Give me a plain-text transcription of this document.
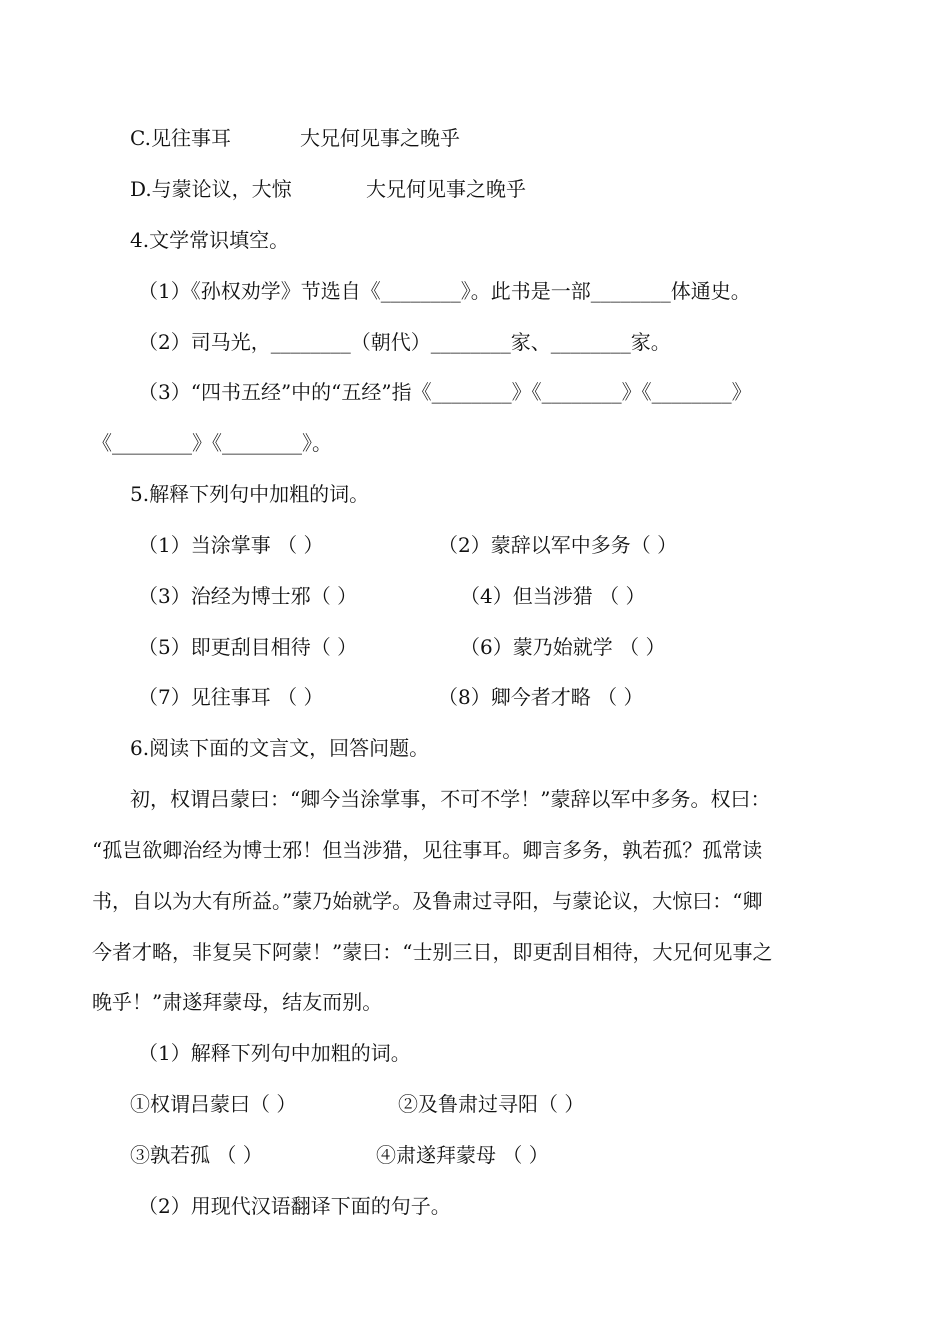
C.见往事耳	大兄何见事之晚乎
D.与蒙论议，大惊	大兄何见事之晚乎
4.文学常识填空。
（1）《孙权劝学》节选自《________》。此书是一部________体通史。
（2）司马光，________（朝代）________家、________家。
（3）“四书五经”中的“五经”指《________》《________》《________》
《________》《________》。
5.解释下列句中加粗的词。
（1）当涂掌事 （ ）	（2）蒙辞以军中多务（ ）
（3）治经为博士邪（ ）	（4）但当涉猎 （ ）
（5）即更刮目相待（ ）	（6）蒙乃始就学 （ ）
（7）见往事耳 （ ）	（8）卿今者才略 （ ）
6.阅读下面的文言文，回答问题。
初，权谓吕蒙曰：“卿今当涂掌事，不可不学！”蒙辞以军中多务。权曰：
“孤岂欲卿治经为博士邪！但当涉猎，见往事耳。卿言多务，孰若孤？孤常读
书，自以为大有所益。”蒙乃始就学。及鲁肃过寻阳，与蒙论议，大惊曰：“卿
今者才略，非复吴下阿蒙！”蒙曰：“士别三日，即更刮目相待，大兄何见事之
晚乎！”肃遂拜蒙母，结友而别。
（1）解释下列句中加粗的词。
①权谓吕蒙曰（ ）	②及鲁肃过寻阳（ ）
③孰若孤 （ ）	④肃遂拜蒙母 （ ）
（2）用现代汉语翻译下面的句子。
